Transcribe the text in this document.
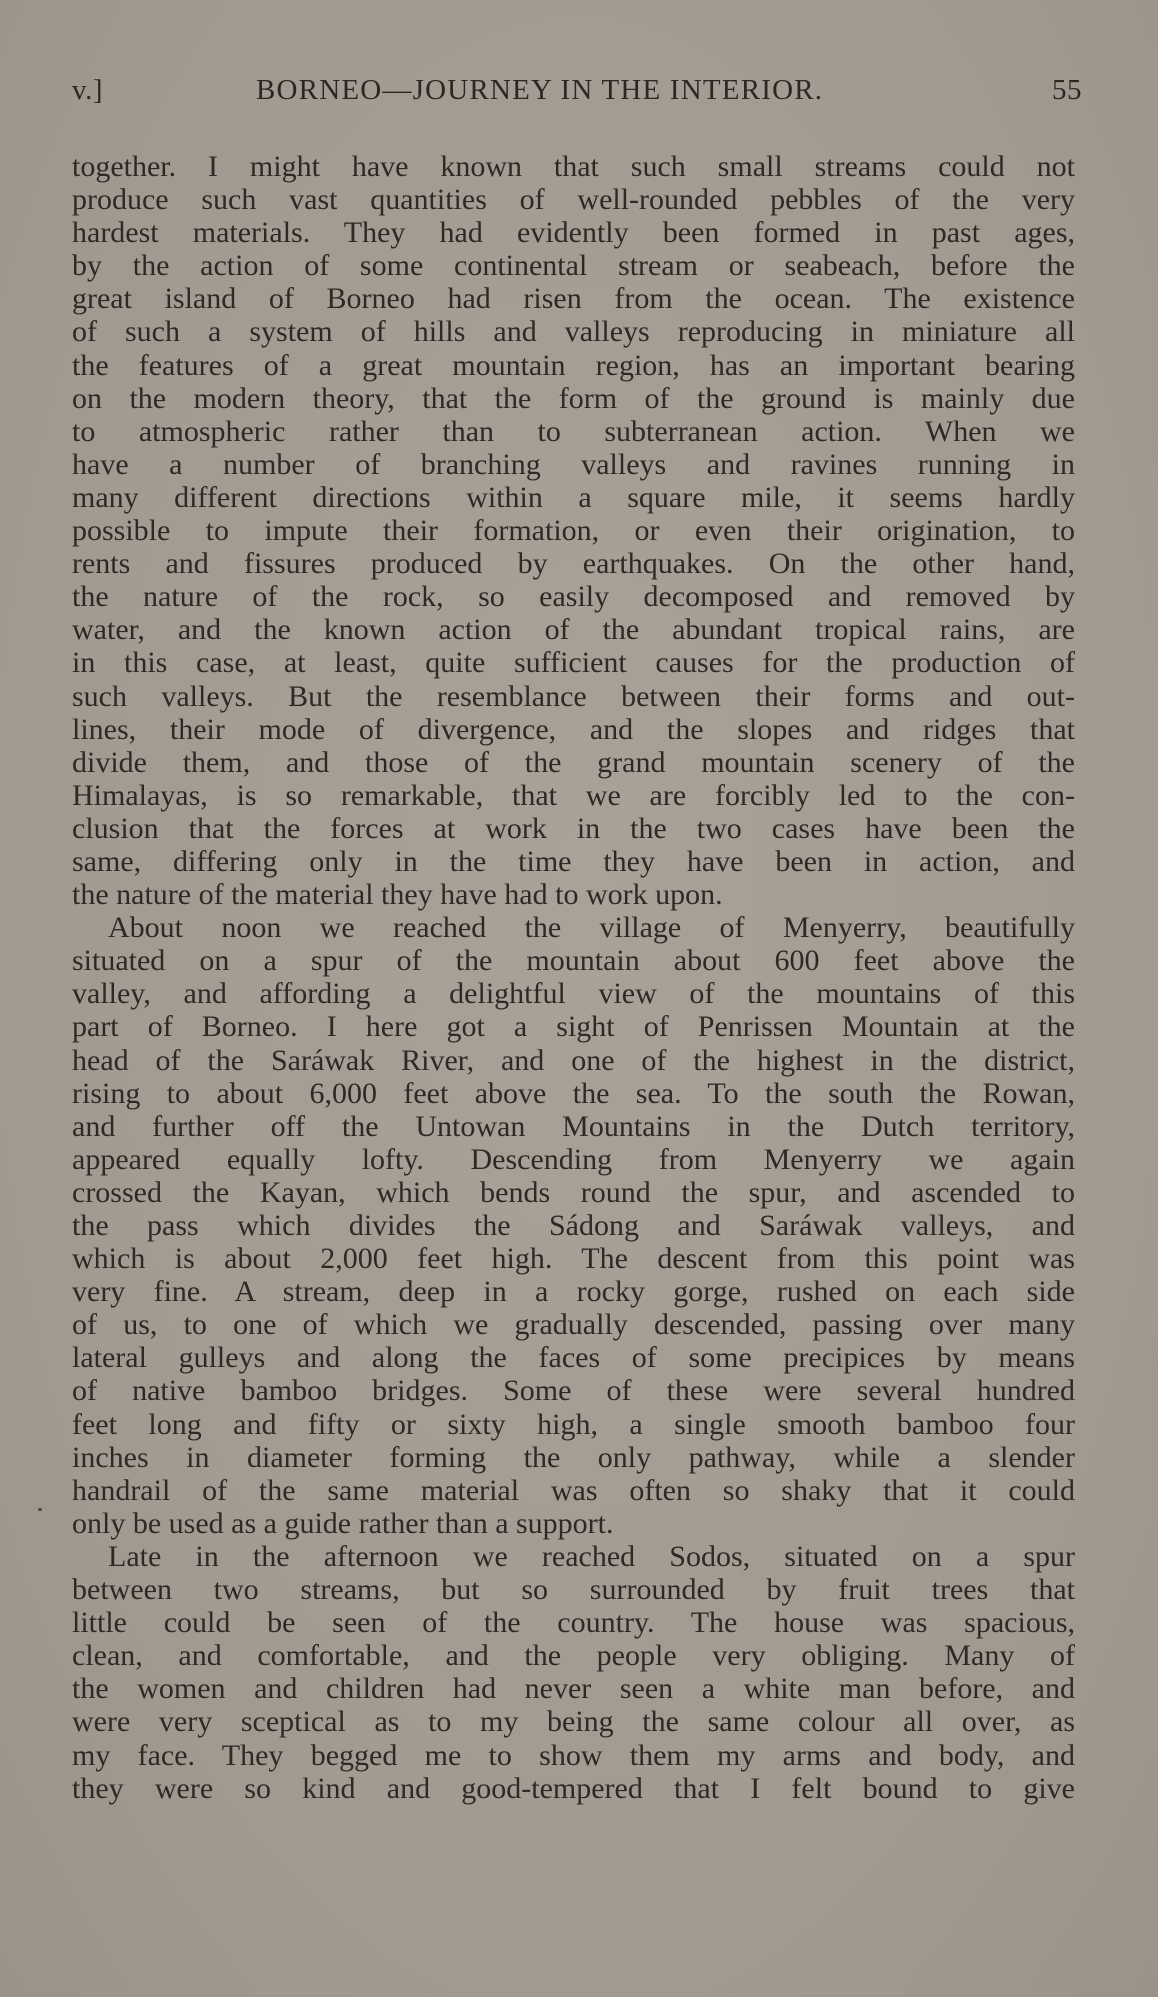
v.]	BORNEO—JOURNEY IN THE INTERIOR.	55
together. I might have known that such small streams could not
produce such vast quantities of well-rounded pebbles of the very
hardest materials. They had evidently been formed in past ages,
by the action of some continental stream or seabeach, before the
great island of Borneo had risen from the ocean. The existence
of such a system of hills and valleys reproducing in miniature all
the features of a great mountain region, has an important bearing
on the modern theory, that the form of the ground is mainly due
to atmospheric rather than to subterranean action. When we
have a number of branching valleys and ravines running in
many different directions within a square mile, it seems hardly
possible to impute their formation, or even their origination, to
rents and fissures produced by earthquakes. On the other hand,
the nature of the rock, so easily decomposed and removed by
water, and the known action of the abundant tropical rains, are
in this case, at least, quite sufficient causes for the production of
such valleys. But the resemblance between their forms and out-
lines, their mode of divergence, and the slopes and ridges that
divide them, and those of the grand mountain scenery of the
Himalayas, is so remarkable, that we are forcibly led to the con-
clusion that the forces at work in the two cases have been the
same, differing only in the time they have been in action, and
the nature of the material they have had to work upon.
About noon we reached the village of Menyerry, beautifully
situated on a spur of the mountain about 600 feet above the
valley, and affording a delightful view of the mountains of this
part of Borneo. I here got a sight of Penrissen Mountain at the
head of the Saráwak River, and one of the highest in the district,
rising to about 6,000 feet above the sea. To the south the Rowan,
and further off the Untowan Mountains in the Dutch territory,
appeared equally lofty. Descending from Menyerry we again
crossed the Kayan, which bends round the spur, and ascended to
the pass which divides the Sádong and Saráwak valleys, and
which is about 2,000 feet high. The descent from this point was
very fine. A stream, deep in a rocky gorge, rushed on each side
of us, to one of which we gradually descended, passing over many
lateral gulleys and along the faces of some precipices by means
of native bamboo bridges. Some of these were several hundred
feet long and fifty or sixty high, a single smooth bamboo four
inches in diameter forming the only pathway, while a slender
handrail of the same material was often so shaky that it could
only be used as a guide rather than a support.
Late in the afternoon we reached Sodos, situated on a spur
between two streams, but so surrounded by fruit trees that
little could be seen of the country. The house was spacious,
clean, and comfortable, and the people very obliging. Many of
the women and children had never seen a white man before, and
were very sceptical as to my being the same colour all over, as
my face. They begged me to show them my arms and body, and
they were so kind and good-tempered that I felt bound to give
